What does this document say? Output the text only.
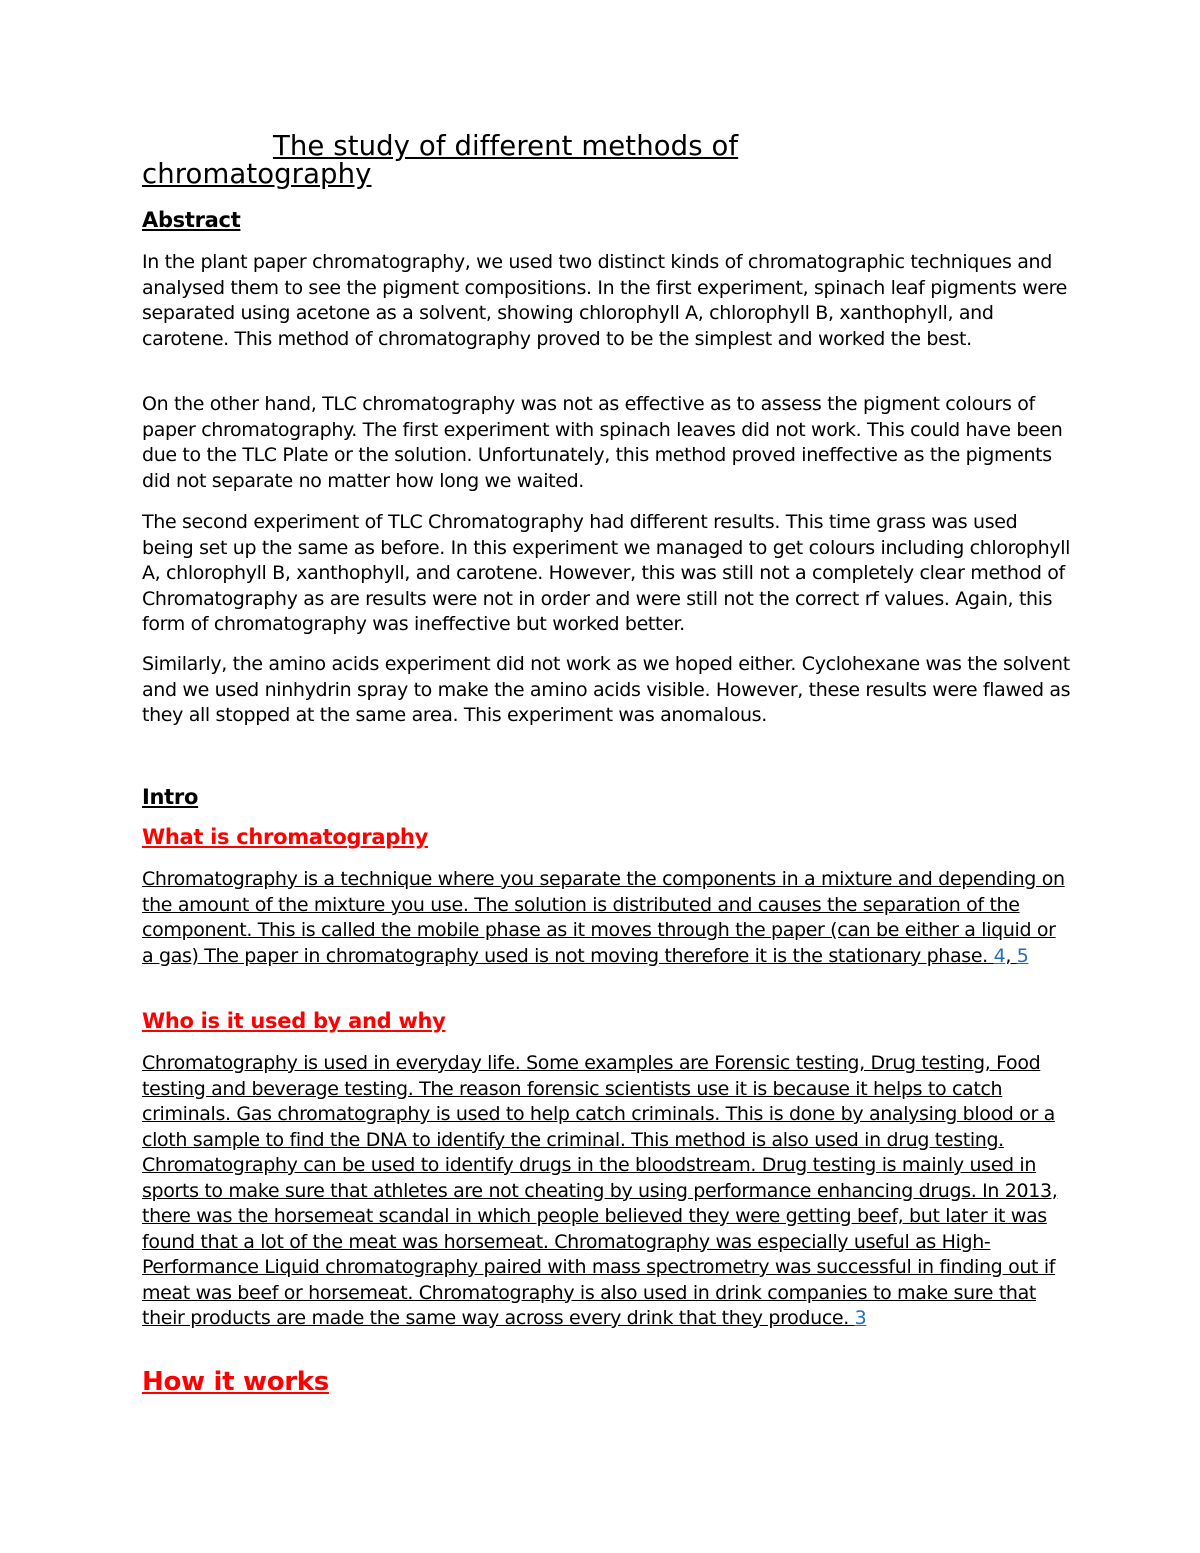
The study of different methods of chromatography
Abstract

In the plant paper chromatography, we used two distinct kinds of chromatographic techniques and analysed them to see the pigment compositions. In the first experiment, spinach leaf pigments were separated using acetone as a solvent, showing chlorophyll A, chlorophyll B, xanthophyll, and carotene. This method of chromatography proved to be the simplest and worked the best.

On the other hand, TLC chromatography was not as effective as to assess the pigment colours of paper chromatography. The first experiment with spinach leaves did not work. This could have been due to the TLC Plate or the solution. Unfortunately, this method proved ineffective as the pigments did not separate no matter how long we waited.

The second experiment of TLC Chromatography had different results. This time grass was used being set up the same as before. In this experiment we managed to get colours including chlorophyll A, chlorophyll B, xanthophyll, and carotene. However, this was still not a completely clear method of Chromatography as are results were not in order and were still not the correct rf values. Again, this form of chromatography was ineffective but worked better.

Similarly, the amino acids experiment did not work as we hoped either. Cyclohexane was the solvent and we used ninhydrin spray to make the amino acids visible. However, these results were flawed as they all stopped at the same area. This experiment was anomalous.

Intro
What is chromatography

Chromatography is a technique where you separate the components in a mixture and depending on the amount of the mixture you use. The solution is distributed and causes the separation of the component. This is called the mobile phase as it moves through the paper (can be either a liquid or a gas) The paper in chromatography used is not moving therefore it is the stationary phase. 4, 5

Who is it used by and why

Chromatography is used in everyday life. Some examples are Forensic testing, Drug testing, Food testing and beverage testing. The reason forensic scientists use it is because it helps to catch criminals. Gas chromatography is used to help catch criminals. This is done by analysing blood or a cloth sample to find the DNA to identify the criminal. This method is also used in drug testing. Chromatography can be used to identify drugs in the bloodstream. Drug testing is mainly used in sports to make sure that athletes are not cheating by using performance enhancing drugs. In 2013, there was the horsemeat scandal in which people believed they were getting beef, but later it was found that a lot of the meat was horsemeat. Chromatography was especially useful as High-Performance Liquid chromatography paired with mass spectrometry was successful in finding out if meat was beef or horsemeat. Chromatography is also used in drink companies to make sure that their products are made the same way across every drink that they produce. 3

How it works
